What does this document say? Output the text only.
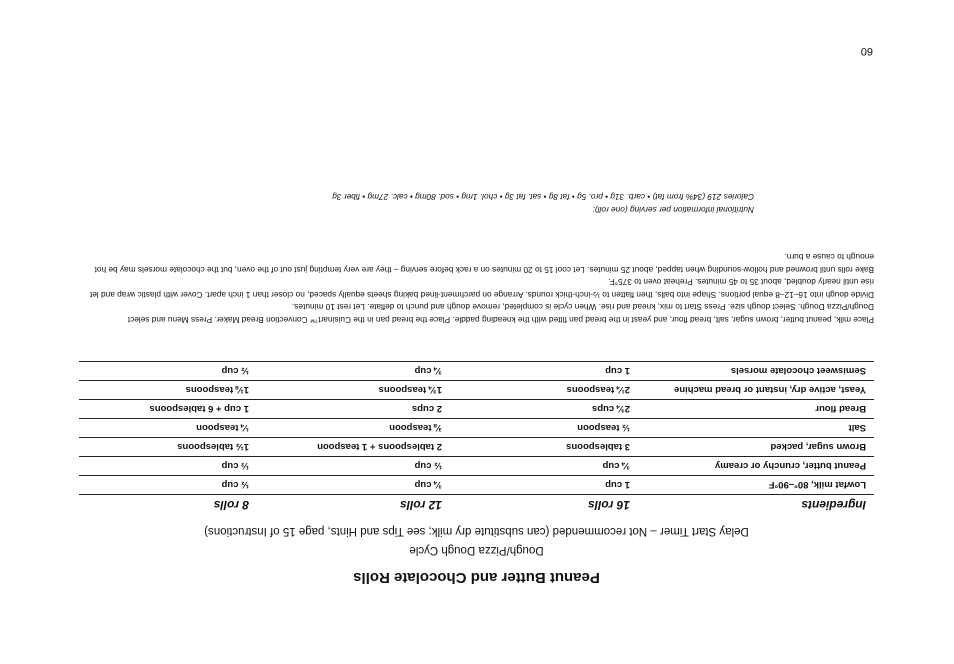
60
Peanut Butter and Chocolate Rolls
Dough/Pizza Dough Cycle
Delay Start Timer – Not recommended (can substitute dry milk; see Tips and Hints, page 15 of Instructions)
Ingredients	16 rolls	12 rolls	8 rolls
Lowfat milk, 80°–90°F	1 cup	¾ cup	½ cup
Peanut butter, crunchy or creamy	¾ cup	½ cup	⅓ cup
Brown sugar, packed	3 tablespoons	2 tablespoons + 1 teaspoon	1½ tablespoons
Salt	½ teaspoon	⅜ teaspoon	¼ teaspoon
Bread flour	2¾ cups	2 cups	1 cup + 6 tablespoons
Yeast, active dry, instant or bread machine	2¼ teaspoons	1¾ teaspoons	1⅛ teaspoons
Semisweet chocolate morsels	1 cup	¾ cup	½ cup

Place milk, peanut butter, brown sugar, salt, bread flour, and yeast in the bread pan fitted with the kneading paddle. Place the bread pan in the Cuisinart™ Convection Bread Maker. Press Menu and select Dough/Pizza Dough. Select dough size. Press Start to mix, knead and rise. When cycle is completed, remove dough and punch to deflate. Let rest 10 minutes.

Divide dough into 16–12–8 equal portions. Shape into balls, then flatten to ½-inch-thick rounds. Arrange on parchment-lined baking sheets equally spaced, no closer than 1 inch apart. Cover with plastic wrap and let rise until nearly doubled, about 35 to 45 minutes. Preheat oven to 375°F.

Bake rolls until browned and hollow-sounding when tapped, about 25 minutes. Let cool 15 to 20 minutes on a rack before serving – they are very tempting just out of the oven, but the chocolate morsels may be hot enough to cause a burn.

Nutritional information per serving (one roll):
Calories 219 (34% from fat) • carb. 31g • pro. 5g • fat 8g • sat. fat 3g • chol. 1mg • sod. 80mg • calc. 27mg • fiber 3g
